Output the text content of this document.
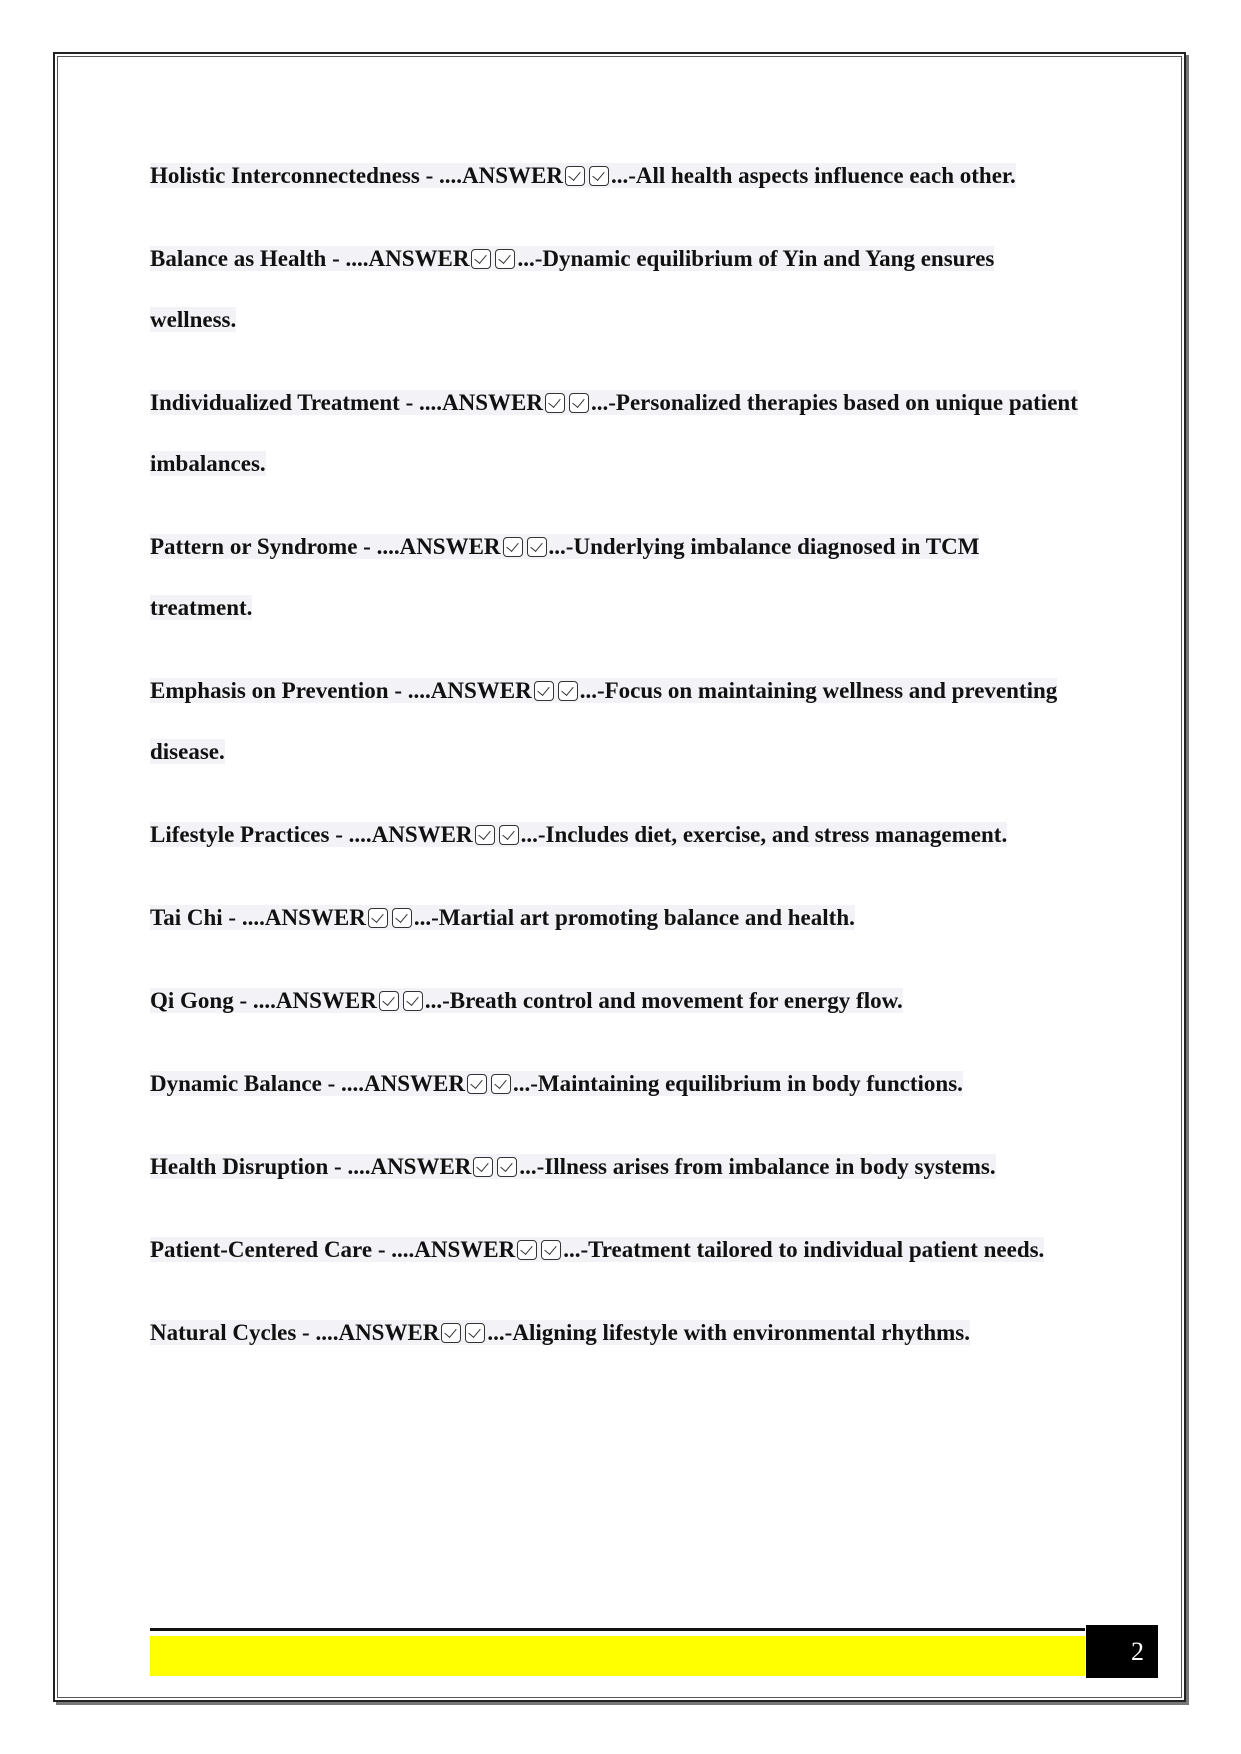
Holistic Interconnectedness - ....ANSWER ...-All health aspects influence each other.

Balance as Health - ....ANSWER ...-Dynamic equilibrium of Yin and Yang ensures wellness.

Individualized Treatment - ....ANSWER ...-Personalized therapies based on unique patient imbalances.

Pattern or Syndrome - ....ANSWER ...-Underlying imbalance diagnosed in TCM treatment.

Emphasis on Prevention - ....ANSWER ...-Focus on maintaining wellness and preventing disease.

Lifestyle Practices - ....ANSWER ...-Includes diet, exercise, and stress management.

Tai Chi - ....ANSWER ...-Martial art promoting balance and health.

Qi Gong - ....ANSWER ...-Breath control and movement for energy flow.

Dynamic Balance - ....ANSWER ...-Maintaining equilibrium in body functions.

Health Disruption - ....ANSWER ...-Illness arises from imbalance in body systems.

Patient-Centered Care - ....ANSWER ...-Treatment tailored to individual patient needs.

Natural Cycles - ....ANSWER ...-Aligning lifestyle with environmental rhythms.

2
